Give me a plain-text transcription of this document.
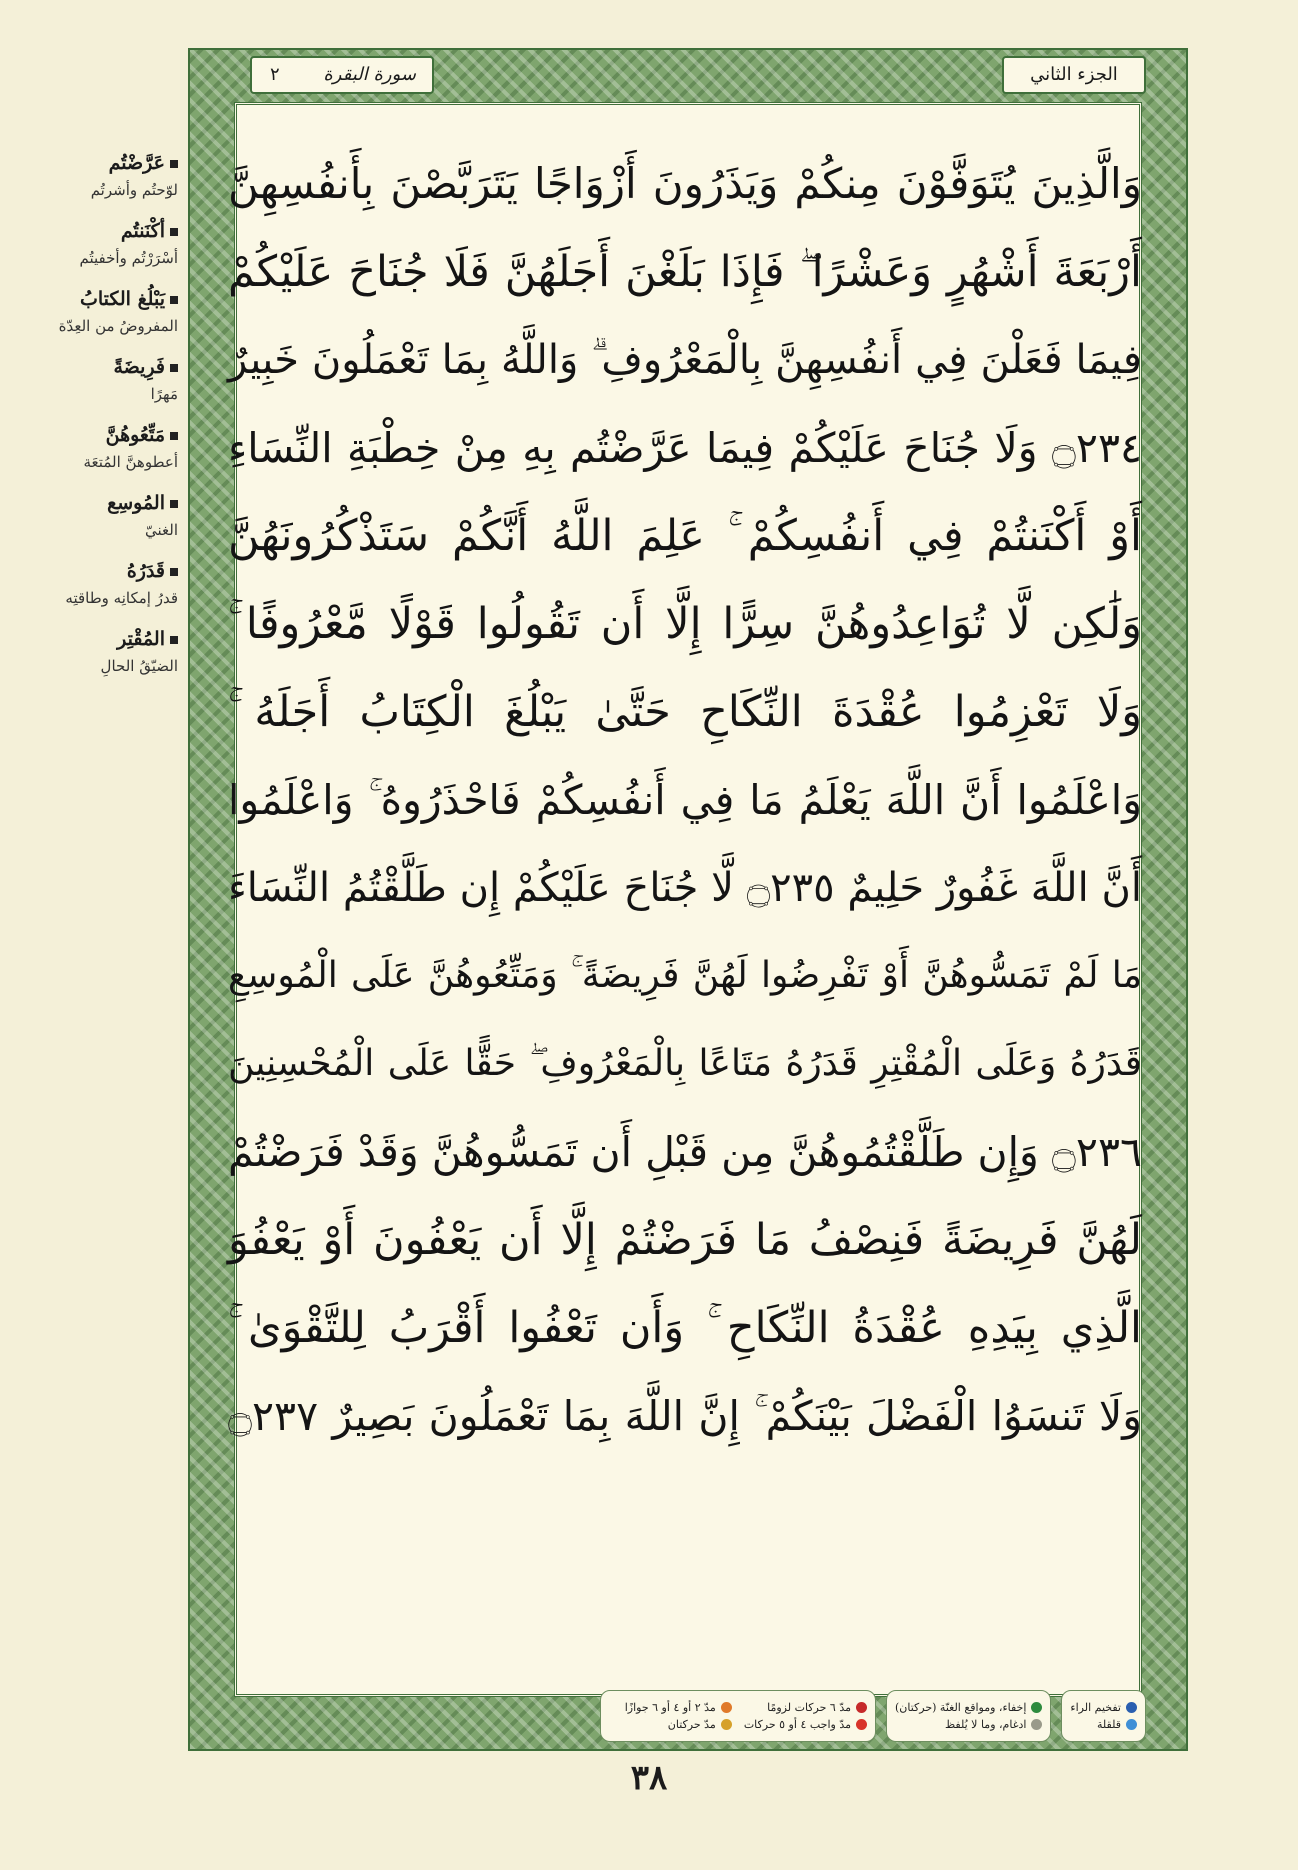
عَرَّضْتُم
لوّحتُم وأشرتُم
أكْنَنتُم
أسْرَرْتُم وأخفيتُم
يَبْلُغ الكتابُ
المفروضُ من العِدّة
فَرِيضَةً
مَهرًا
مَتِّعُوهُنَّ
أعطوهنَّ المُتعَة
المُوسِع
الغنيّ
قَدَرُهُ
قدرُ إمكانِه وطاقتِه
المُقْتِر
الضيّقُ الحالِ
الجزء الثاني
٢ سورة البقرة
وَالَّذِينَ يُتَوَفَّوْنَ مِنكُمْ وَيَذَرُونَ أَزْوَاجًا يَتَرَبَّصْنَ بِأَنفُسِهِنَّ
أَرْبَعَةَ أَشْهُرٍ وَعَشْرًا ۖ فَإِذَا بَلَغْنَ أَجَلَهُنَّ فَلَا جُنَاحَ عَلَيْكُمْ
فِيمَا فَعَلْنَ فِي أَنفُسِهِنَّ بِالْمَعْرُوفِ ۗ وَاللَّهُ بِمَا تَعْمَلُونَ خَبِيرٌ
۝٢٣٤ وَلَا جُنَاحَ عَلَيْكُمْ فِيمَا عَرَّضْتُم بِهِ مِنْ خِطْبَةِ النِّسَاءِ
أَوْ أَكْنَنتُمْ فِي أَنفُسِكُمْ ۚ عَلِمَ اللَّهُ أَنَّكُمْ سَتَذْكُرُونَهُنَّ
وَلَٰكِن لَّا تُوَاعِدُوهُنَّ سِرًّا إِلَّا أَن تَقُولُوا قَوْلًا مَّعْرُوفًا ۚ
وَلَا تَعْزِمُوا عُقْدَةَ النِّكَاحِ حَتَّىٰ يَبْلُغَ الْكِتَابُ أَجَلَهُ ۚ
وَاعْلَمُوا أَنَّ اللَّهَ يَعْلَمُ مَا فِي أَنفُسِكُمْ فَاحْذَرُوهُ ۚ وَاعْلَمُوا
أَنَّ اللَّهَ غَفُورٌ حَلِيمٌ ۝٢٣٥ لَّا جُنَاحَ عَلَيْكُمْ إِن طَلَّقْتُمُ النِّسَاءَ
مَا لَمْ تَمَسُّوهُنَّ أَوْ تَفْرِضُوا لَهُنَّ فَرِيضَةً ۚ وَمَتِّعُوهُنَّ عَلَى الْمُوسِعِ
قَدَرُهُ وَعَلَى الْمُقْتِرِ قَدَرُهُ مَتَاعًا بِالْمَعْرُوفِ ۖ حَقًّا عَلَى الْمُحْسِنِينَ
۝٢٣٦ وَإِن طَلَّقْتُمُوهُنَّ مِن قَبْلِ أَن تَمَسُّوهُنَّ وَقَدْ فَرَضْتُمْ
لَهُنَّ فَرِيضَةً فَنِصْفُ مَا فَرَضْتُمْ إِلَّا أَن يَعْفُونَ أَوْ يَعْفُوَ
الَّذِي بِيَدِهِ عُقْدَةُ النِّكَاحِ ۚ وَأَن تَعْفُوا أَقْرَبُ لِلتَّقْوَىٰ ۚ
وَلَا تَنسَوُا الْفَضْلَ بَيْنَكُمْ ۚ إِنَّ اللَّهَ بِمَا تَعْمَلُونَ بَصِيرٌ ۝٢٣٧
تفخيم الراء
قلقلة
إخفاء، ومواقع الغنّة (حركتان)
ادغام، وما لا يُلفظ
مدّ ٦ حركات لزومًا
مدّ ٢ أو ٤ أو ٦ جوازًا
مدّ واجب ٤ أو ٥ حركات
مدّ حركتان
٣٨
